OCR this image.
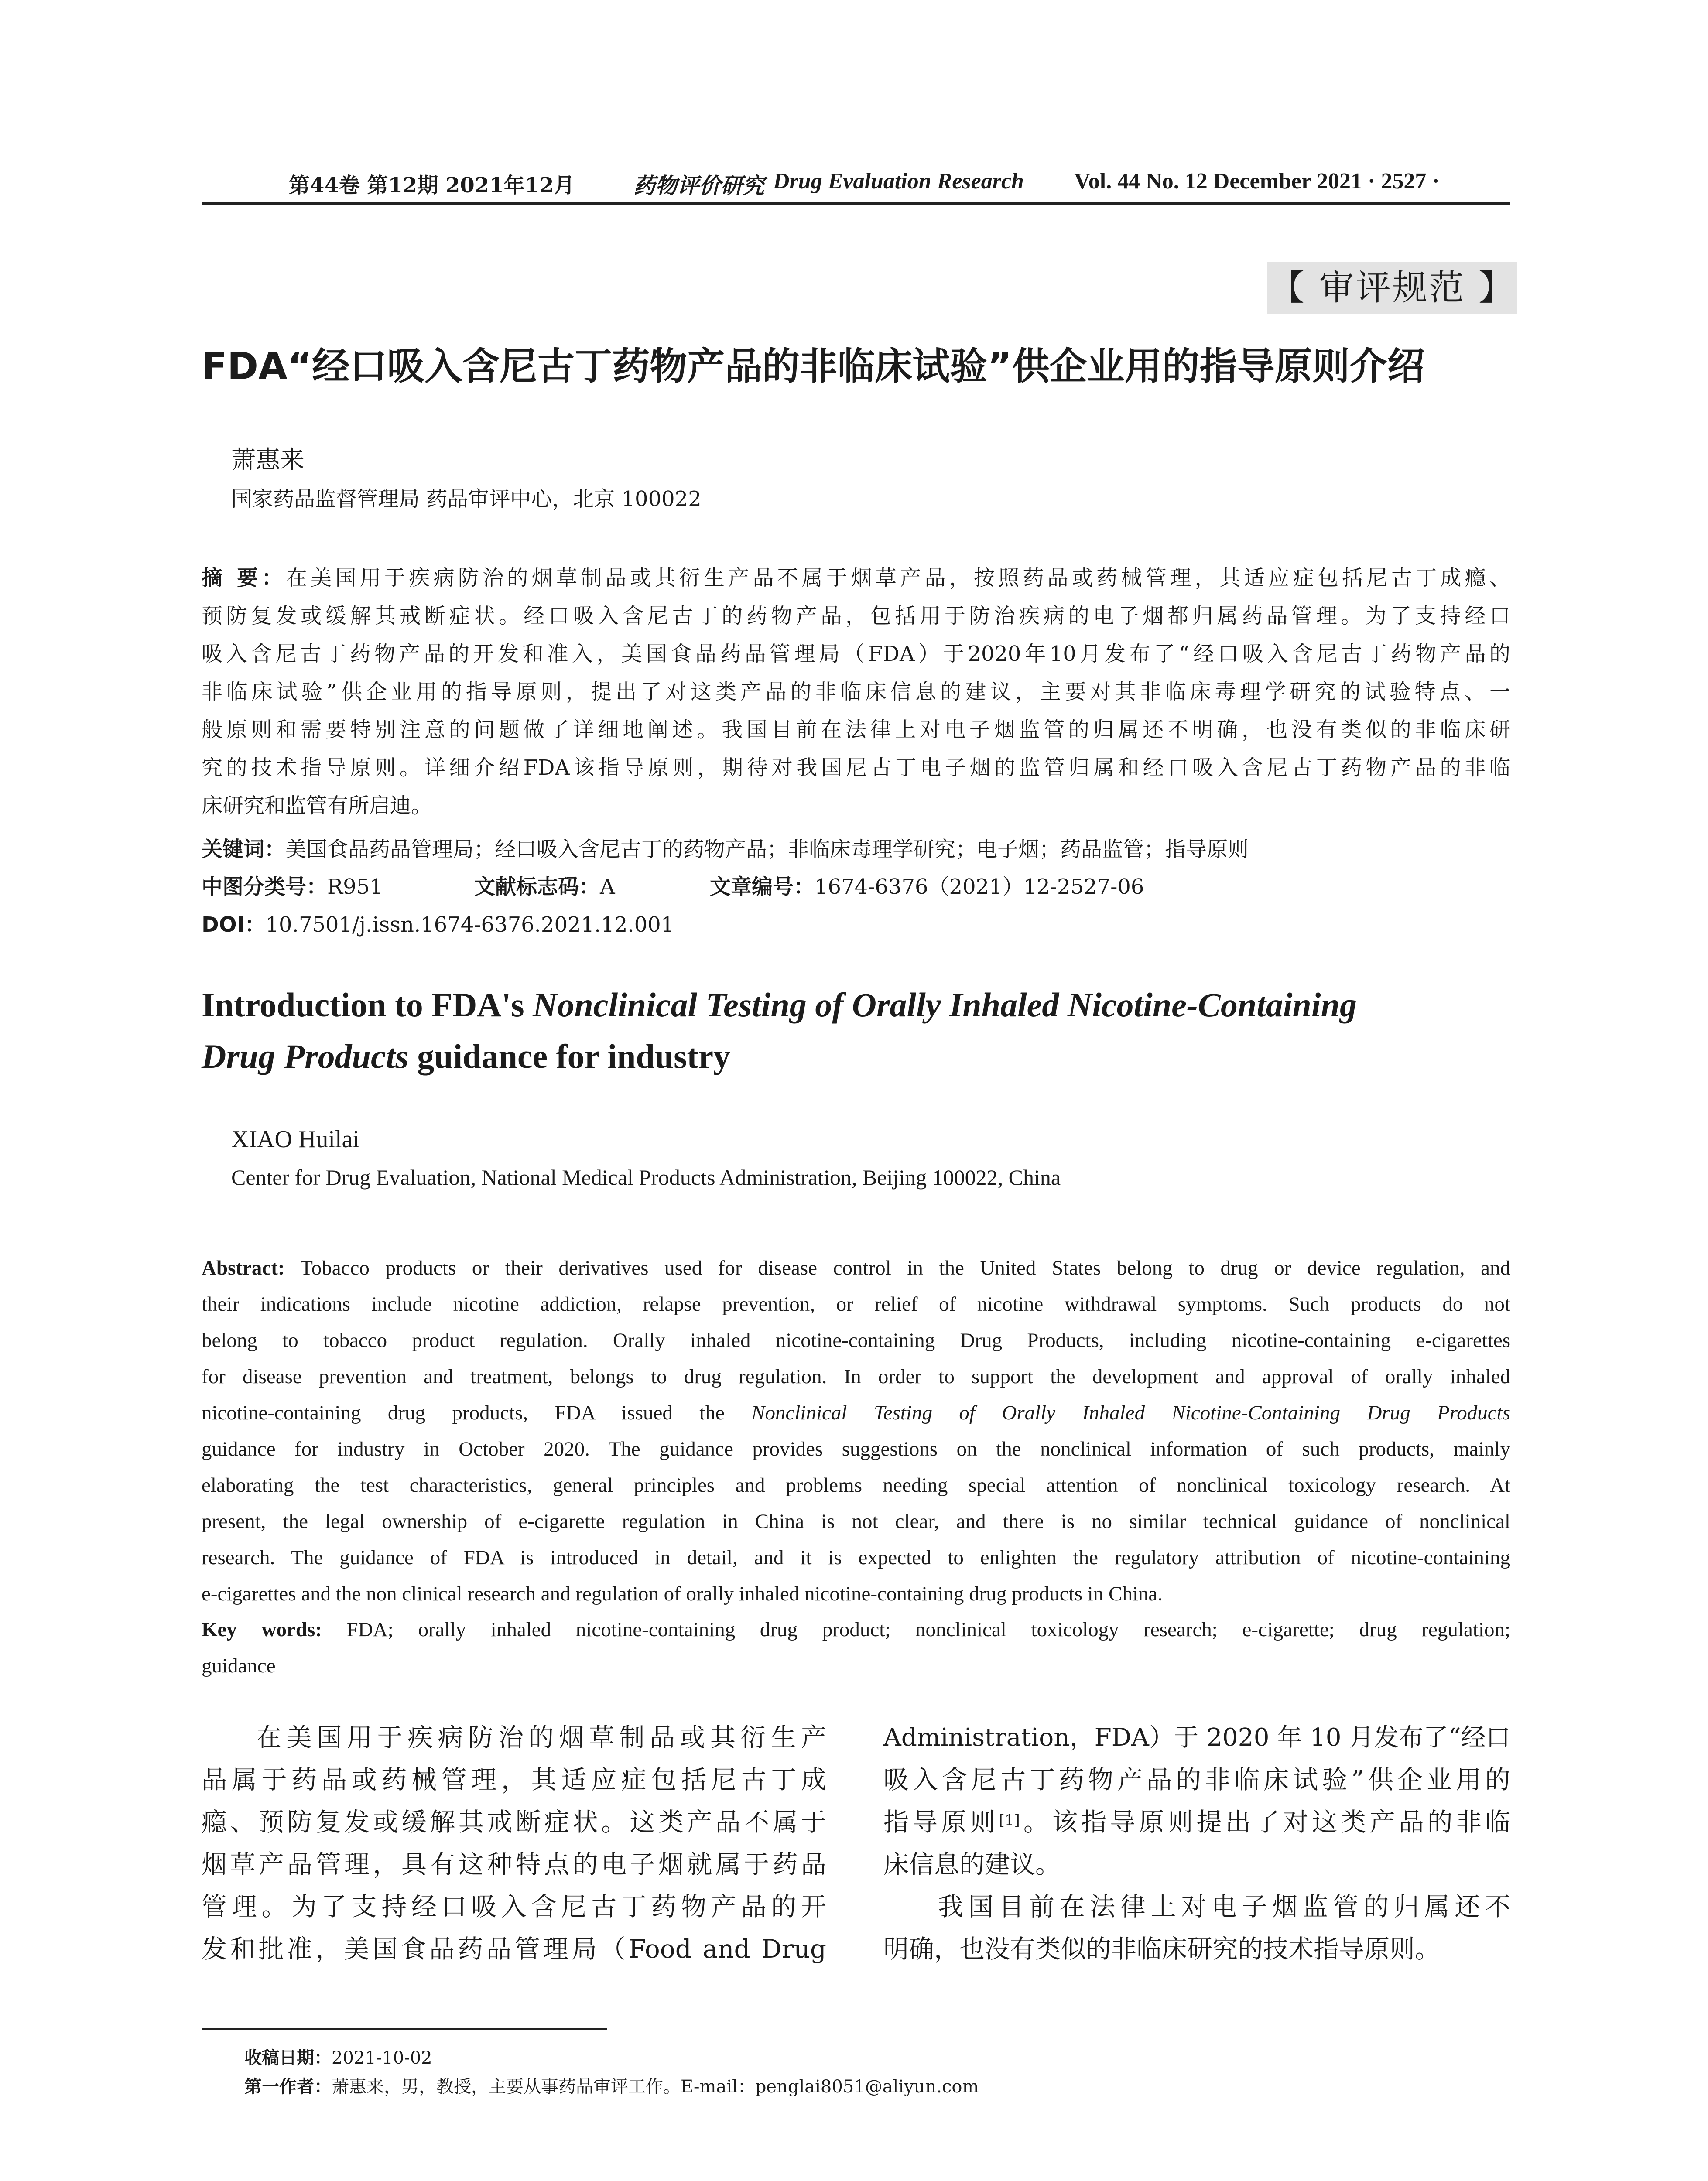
第44卷 第12期 2021年12月	药物评价研究 Drug Evaluation Research Vol. 44 No. 12 December 2021 · 2527 ·
【 审评规范 】
FDA“经口吸入含尼古丁药物产品的非临床试验”供企业用的指导原则介绍
萧惠来
国家药品监督管理局 药品审评中心，北京 100022
摘 要：在美国用于疾病防治的烟草制品或其衍生产品不属于烟草产品，按照药品或药械管理，其适应症包括尼古丁成瘾、
预防复发或缓解其戒断症状。经口吸入含尼古丁的药物产品，包括用于防治疾病的电子烟都归属药品管理。为了支持经口
吸入含尼古丁药物产品的开发和准入，美国食品药品管理局（FDA）于2020年10月发布了“经口吸入含尼古丁药物产品的
非临床试验”供企业用的指导原则，提出了对这类产品的非临床信息的建议，主要对其非临床毒理学研究的试验特点、一
般原则和需要特别注意的问题做了详细地阐述。我国目前在法律上对电子烟监管的归属还不明确，也没有类似的非临床研
究的技术指导原则。详细介绍FDA该指导原则，期待对我国尼古丁电子烟的监管归属和经口吸入含尼古丁药物产品的非临
床研究和监管有所启迪。
关键词：美国食品药品管理局；经口吸入含尼古丁的药物产品；非临床毒理学研究；电子烟；药品监管；指导原则
中图分类号：R951	文献标志码：A	文章编号：1674-6376（2021）12-2527-06
DOI：10.7501/j.issn.1674-6376.2021.12.001
Introduction to FDA's Nonclinical Testing of Orally Inhaled Nicotine-Containing
Drug Products guidance for industry
XIAO Huilai
Center for Drug Evaluation, National Medical Products Administration, Beijing 100022, China
Abstract: Tobacco products or their derivatives used for disease control in the United States belong to drug or device regulation, and
their indications include nicotine addiction, relapse prevention, or relief of nicotine withdrawal symptoms. Such products do not
belong to tobacco product regulation. Orally inhaled nicotine-containing Drug Products, including nicotine-containing e-cigarettes
for disease prevention and treatment, belongs to drug regulation. In order to support the development and approval of orally inhaled
nicotine-containing drug products, FDA issued the Nonclinical Testing of Orally Inhaled Nicotine-Containing Drug Products
guidance for industry in October 2020. The guidance provides suggestions on the nonclinical information of such products, mainly
elaborating the test characteristics, general principles and problems needing special attention of nonclinical toxicology research. At
present, the legal ownership of e-cigarette regulation in China is not clear, and there is no similar technical guidance of nonclinical
research. The guidance of FDA is introduced in detail, and it is expected to enlighten the regulatory attribution of nicotine-containing
e-cigarettes and the non clinical research and regulation of orally inhaled nicotine-containing drug products in China.
Key words: FDA; orally inhaled nicotine-containing drug product; nonclinical toxicology research; e-cigarette; drug regulation;
guidance
在美国用于疾病防治的烟草制品或其衍生产
品属于药品或药械管理，其适应症包括尼古丁成
瘾、预防复发或缓解其戒断症状。这类产品不属于
烟草产品管理，具有这种特点的电子烟就属于药品
管理。为了支持经口吸入含尼古丁药物产品的开
发和批准，美国食品药品管理局（Food and Drug
Administration，FDA）于 2020 年 10 月发布了“经口
吸入含尼古丁药物产品的非临床试验”供企业用的
指导原则[1]。该指导原则提出了对这类产品的非临
床信息的建议。
我国目前在法律上对电子烟监管的归属还不
明确，也没有类似的非临床研究的技术指导原则。
收稿日期：2021-10-02
第一作者：萧惠来，男，教授，主要从事药品审评工作。E-mail：penglai8051@aliyun.com
